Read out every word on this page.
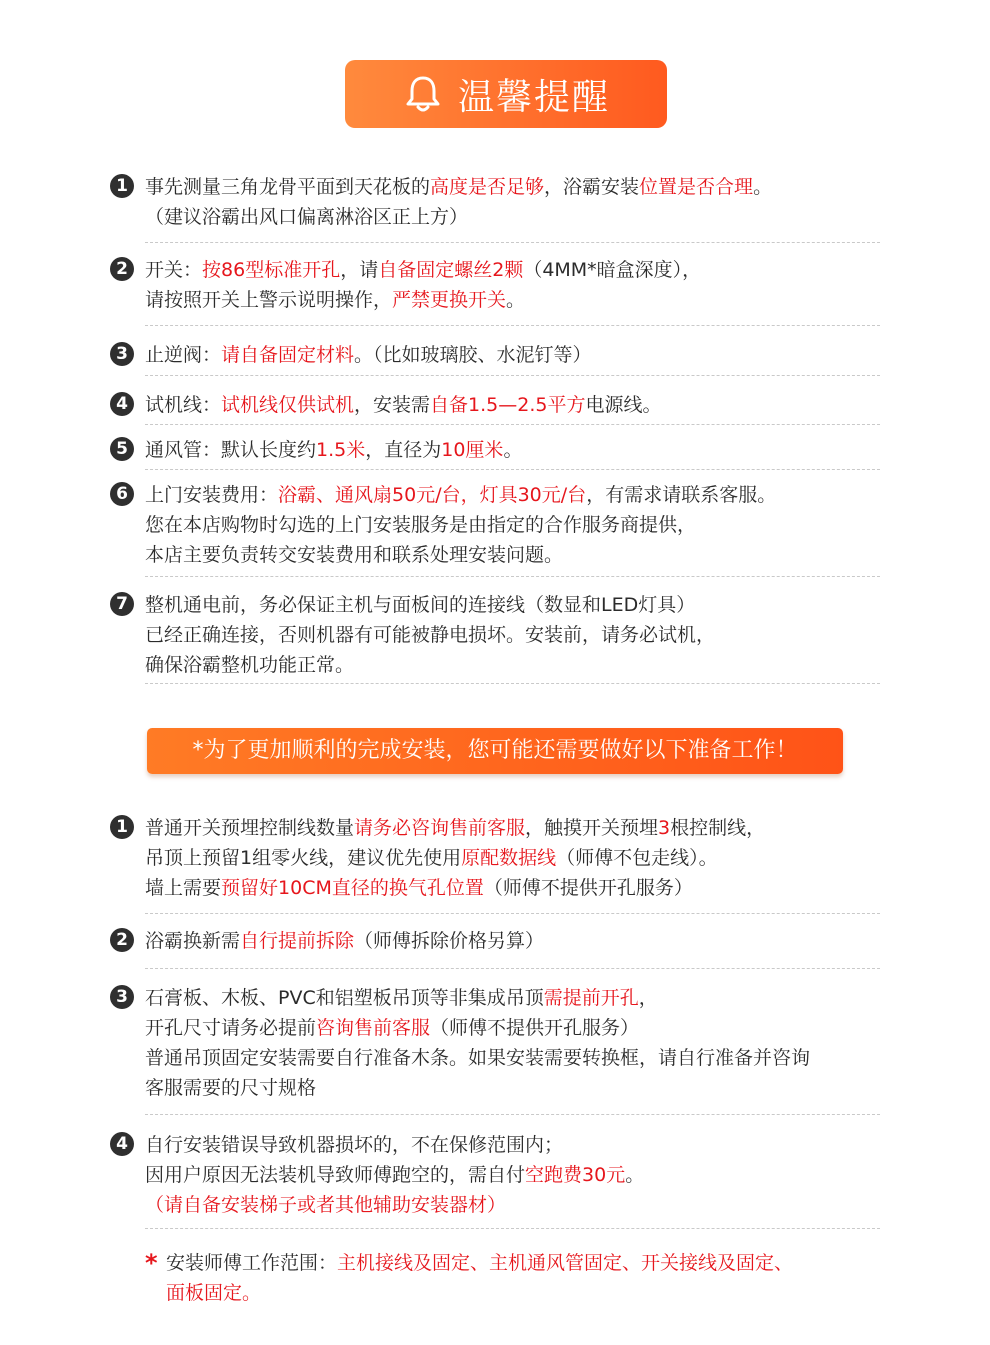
温馨提醒
1 事先测量三角龙骨平面到天花板的高度是否足够，浴霸安装位置是否合理。
（建议浴霸出风口偏离淋浴区正上方）
2 开关：按86型标准开孔，请自备固定螺丝2颗（4MM*暗盒深度），
请按照开关上警示说明操作，严禁更换开关。
3 止逆阀：请自备固定材料。（比如玻璃胶、水泥钉等）
4 试机线：试机线仅供试机，安装需自备1.5—2.5平方电源线。
5 通风管：默认长度约1.5米，直径为10厘米。
6 上门安装费用：浴霸、通风扇50元/台，灯具30元/台，有需求请联系客服。
您在本店购物时勾选的上门安装服务是由指定的合作服务商提供，
本店主要负责转交安装费用和联系处理安装问题。
7 整机通电前，务必保证主机与面板间的连接线（数显和LED灯具）
已经正确连接，否则机器有可能被静电损坏。安装前，请务必试机，
确保浴霸整机功能正常。
*为了更加顺利的完成安装，您可能还需要做好以下准备工作！
1 普通开关预埋控制线数量请务必咨询售前客服，触摸开关预埋3根控制线，
吊顶上预留1组零火线，建议优先使用原配数据线（师傅不包走线）。
墙上需要预留好10CM直径的换气孔位置（师傅不提供开孔服务）
2 浴霸换新需自行提前拆除（师傅拆除价格另算）
3 石膏板、木板、PVC和铝塑板吊顶等非集成吊顶需提前开孔，
开孔尺寸请务必提前咨询售前客服（师傅不提供开孔服务）
普通吊顶固定安装需要自行准备木条。如果安装需要转换框，请自行准备并咨询
客服需要的尺寸规格
4 自行安装错误导致机器损坏的，不在保修范围内；
因用户原因无法装机导致师傅跑空的，需自付空跑费30元。
（请自备安装梯子或者其他辅助安装器材）
* 安装师傅工作范围：主机接线及固定、主机通风管固定、开关接线及固定、
面板固定。
